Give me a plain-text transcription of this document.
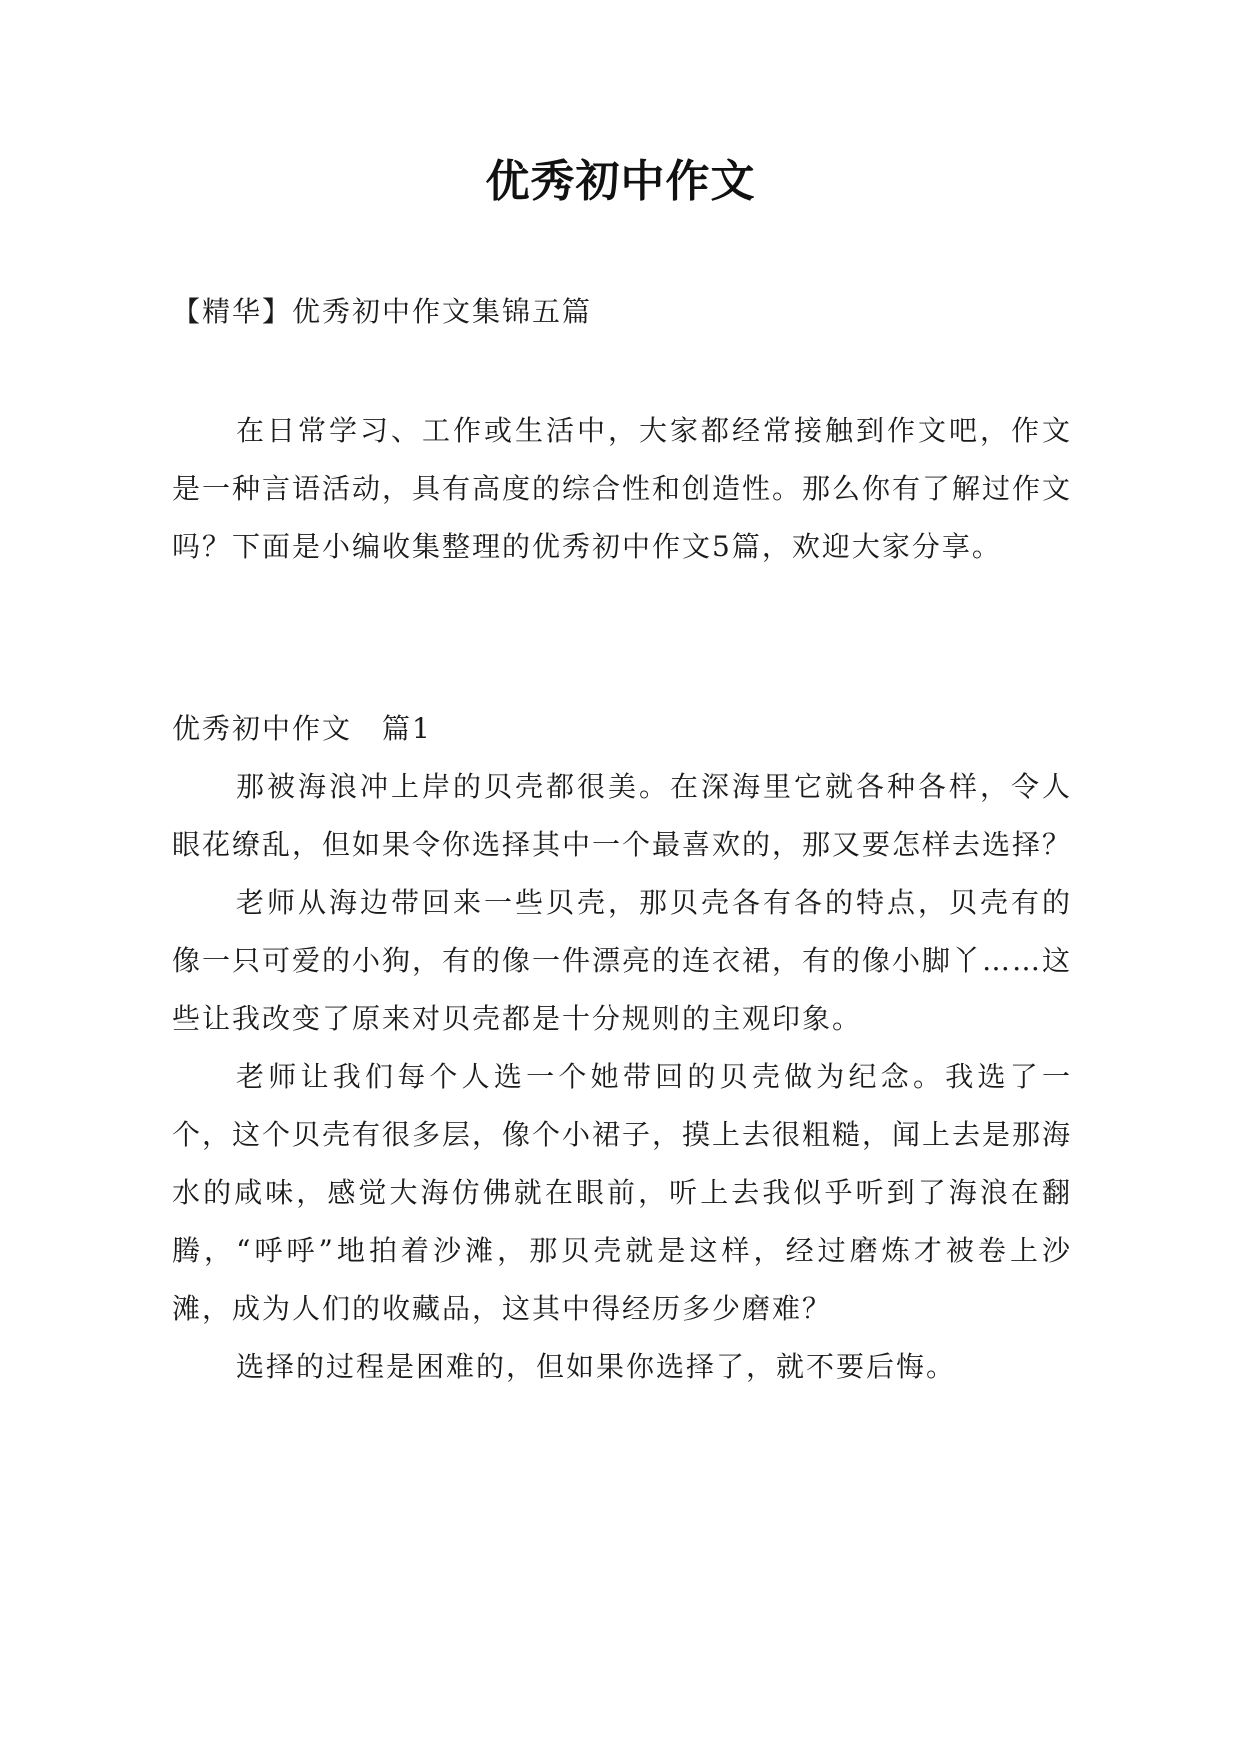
优秀初中作文

【精华】优秀初中作文集锦五篇

在日常学习、工作或生活中，大家都经常接触到作文吧，作文是一种言语活动，具有高度的综合性和创造性。那么你有了解过作文吗？下面是小编收集整理的优秀初中作文5篇，欢迎大家分享。

优秀初中作文　篇1

那被海浪冲上岸的贝壳都很美。在深海里它就各种各样，令人眼花缭乱，但如果令你选择其中一个最喜欢的，那又要怎样去选择？

老师从海边带回来一些贝壳，那贝壳各有各的特点，贝壳有的像一只可爱的小狗，有的像一件漂亮的连衣裙，有的像小脚丫……这些让我改变了原来对贝壳都是十分规则的主观印象。

老师让我们每个人选一个她带回的贝壳做为纪念。我选了一个，这个贝壳有很多层，像个小裙子，摸上去很粗糙，闻上去是那海水的咸味，感觉大海仿佛就在眼前，听上去我似乎听到了海浪在翻腾，“呼呼”地拍着沙滩，那贝壳就是这样，经过磨炼才被卷上沙滩，成为人们的收藏品，这其中得经历多少磨难？

选择的过程是困难的，但如果你选择了，就不要后悔。
